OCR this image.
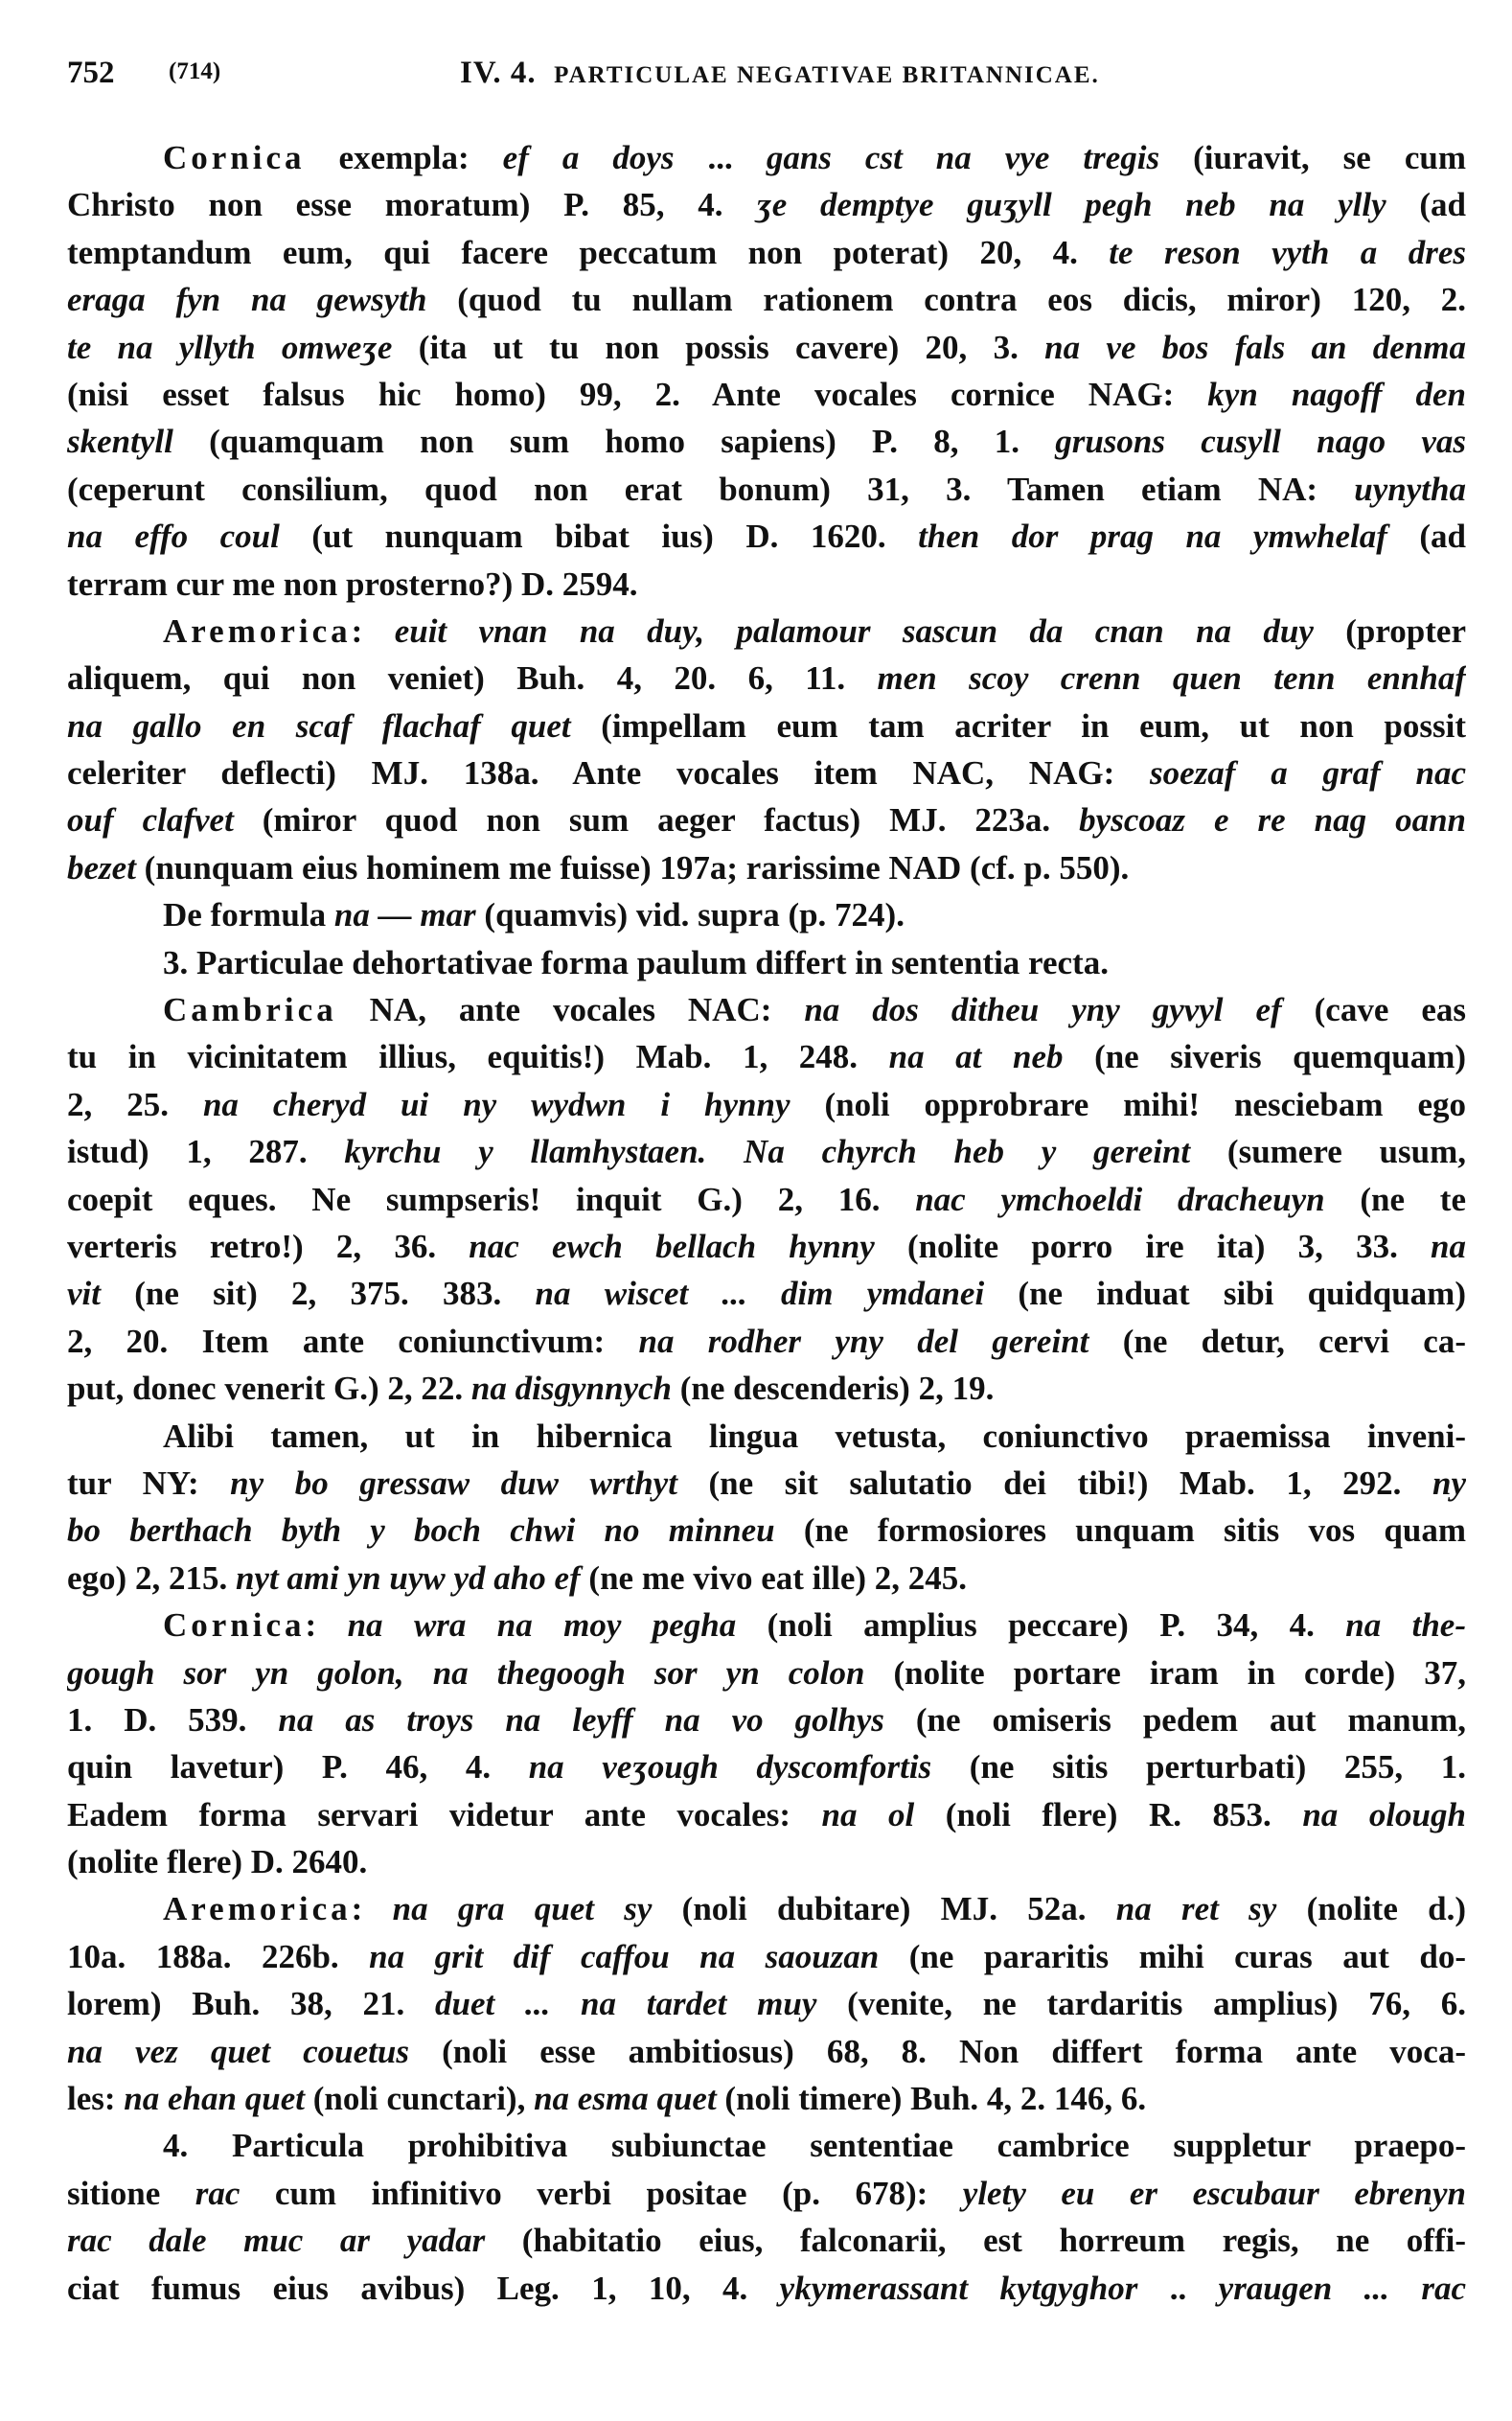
752 (714)	IV. 4. PARTICULAE NEGATIVAE BRITANNICAE.
Cornica exempla: ef a doys ... gans cst na vye tregis (iuravit, se cum
Christo non esse moratum) P. 85, 4. ʒe demptye guʒyll pegh neb na ylly (ad
temptandum eum, qui facere peccatum non poterat) 20, 4. te reson vyth a dres
eraga fyn na gewsyth (quod tu nullam rationem contra eos dicis, miror) 120, 2.
te na yllyth omweʒe (ita ut tu non possis cavere) 20, 3. na ve bos fals an denma
(nisi esset falsus hic homo) 99, 2. Ante vocales cornice NAG: kyn nagoff den
skentyll (quamquam non sum homo sapiens) P. 8, 1. grusons cusyll nago vas
(ceperunt consilium, quod non erat bonum) 31, 3. Tamen etiam NA: uynytha
na effo coul (ut nunquam bibat ius) D. 1620. then dor prag na ymwhelaf (ad
terram cur me non prosterno?) D. 2594.
Aremorica: euit vnan na duy, palamour sascun da cnan na duy (propter
aliquem, qui non veniet) Buh. 4, 20. 6, 11. men scoy crenn quen tenn ennhaf
na gallo en scaf flachaf quet (impellam eum tam acriter in eum, ut non possit
celeriter deflecti) MJ. 138a. Ante vocales item NAC, NAG: soezaf a graf nac
ouf clafvet (miror quod non sum aeger factus) MJ. 223a. byscoaz e re nag oann
bezet (nunquam eius hominem me fuisse) 197a; rarissime NAD (cf. p. 550).
De formula na — mar (quamvis) vid. supra (p. 724).
3. Particulae dehortativae forma paulum differt in sententia recta.
Cambrica NA, ante vocales NAC: na dos ditheu yny gyvyl ef (cave eas
tu in vicinitatem illius, equitis!) Mab. 1, 248. na at neb (ne siveris quemquam)
2, 25. na cheryd ui ny wydwn i hynny (noli opprobrare mihi! nesciebam ego
istud) 1, 287. kyrchu y llamhystaen. Na chyrch heb y gereint (sumere usum,
coepit eques. Ne sumpseris! inquit G.) 2, 16. nac ymchoeldi dracheuyn (ne te
verteris retro!) 2, 36. nac ewch bellach hynny (nolite porro ire ita) 3, 33. na
vit (ne sit) 2, 375. 383. na wiscet ... dim ymdanei (ne induat sibi quidquam)
2, 20. Item ante coniunctivum: na rodher yny del gereint (ne detur, cervi ca-
put, donec venerit G.) 2, 22. na disgynnych (ne descenderis) 2, 19.
Alibi tamen, ut in hibernica lingua vetusta, coniunctivo praemissa inveni-
tur NY: ny bo gressaw duw wrthyt (ne sit salutatio dei tibi!) Mab. 1, 292. ny
bo berthach byth y boch chwi no minneu (ne formosiores unquam sitis vos quam
ego) 2, 215. nyt ami yn uyw yd aho ef (ne me vivo eat ille) 2, 245.
Cornica: na wra na moy pegha (noli amplius peccare) P. 34, 4. na the-
gough sor yn golon, na thegoogh sor yn colon (nolite portare iram in corde) 37,
1. D. 539. na as troys na leyff na vo golhys (ne omiseris pedem aut manum,
quin lavetur) P. 46, 4. na veʒough dyscomfortis (ne sitis perturbati) 255, 1.
Eadem forma servari videtur ante vocales: na ol (noli flere) R. 853. na olough
(nolite flere) D. 2640.
Aremorica: na gra quet sy (noli dubitare) MJ. 52a. na ret sy (nolite d.)
10a. 188a. 226b. na grit dif caffou na saouzan (ne pararitis mihi curas aut do-
lorem) Buh. 38, 21. duet ... na tardet muy (venite, ne tardaritis amplius) 76, 6.
na vez quet couetus (noli esse ambitiosus) 68, 8. Non differt forma ante voca-
les: na ehan quet (noli cunctari), na esma quet (noli timere) Buh. 4, 2. 146, 6.
4. Particula prohibitiva subiunctae sententiae cambrice suppletur praepo-
sitione rac cum infinitivo verbi positae (p. 678): ylety eu er escubaur ebrenyn
rac dale muc ar yadar (habitatio eius, falconarii, est horreum regis, ne offi-
ciat fumus eius avibus) Leg. 1, 10, 4. ykymerassant kytgyghor .. yraugen ... rac
